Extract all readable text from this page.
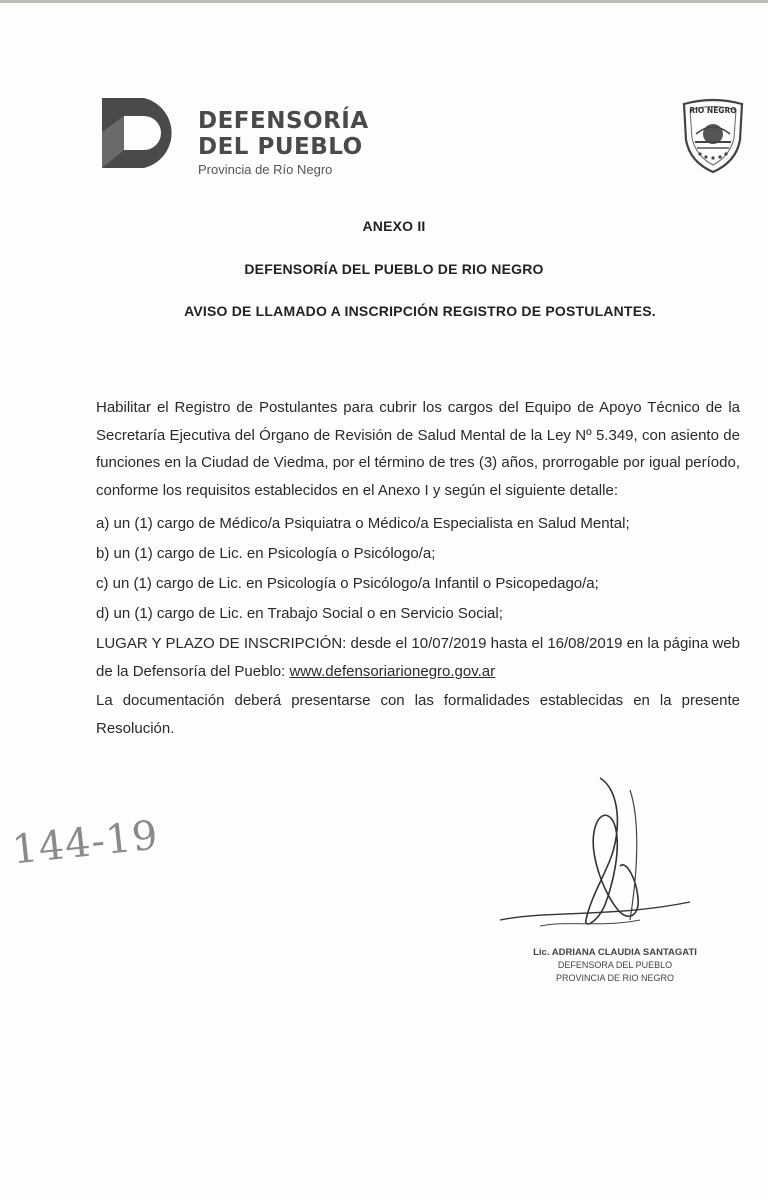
DEFENSORÍA
DEL PUEBLO
Provincia de Río Negro
RIO NEGRO
ANEXO II
DEFENSORÍA DEL PUEBLO DE RIO NEGRO
AVISO DE LLAMADO A INSCRIPCIÓN REGISTRO DE POSTULANTES.

Habilitar el Registro de Postulantes para cubrir los cargos del Equipo de Apoyo Técnico de la Secretaría Ejecutiva del Órgano de Revisión de Salud Mental de la Ley Nº 5.349, con asiento de funciones en la Ciudad de Viedma, por el término de tres (3) años, prorrogable por igual período, conforme los requisitos establecidos en el Anexo I y según el siguiente detalle:

a) un (1) cargo de Médico/a Psiquiatra o Médico/a Especialista en Salud Mental;

b) un (1) cargo de Lic. en Psicología o Psicólogo/a;

c) un (1) cargo de Lic. en Psicología o Psicólogo/a Infantil o Psicopedago/a;

d) un (1) cargo de Lic. en Trabajo Social o en Servicio Social;

LUGAR Y PLAZO DE INSCRIPCIÓN: desde el 10/07/2019 hasta el 16/08/2019 en la página web de la Defensoría del Pueblo: www.defensoriarionegro.gov.ar

La documentación deberá presentarse con las formalidades establecidas en la presente Resolución.

144-19
Lic. ADRIANA CLAUDIA SANTAGATI
DEFENSORA DEL PUEBLO
PROVINCIA DE RIO NEGRO
